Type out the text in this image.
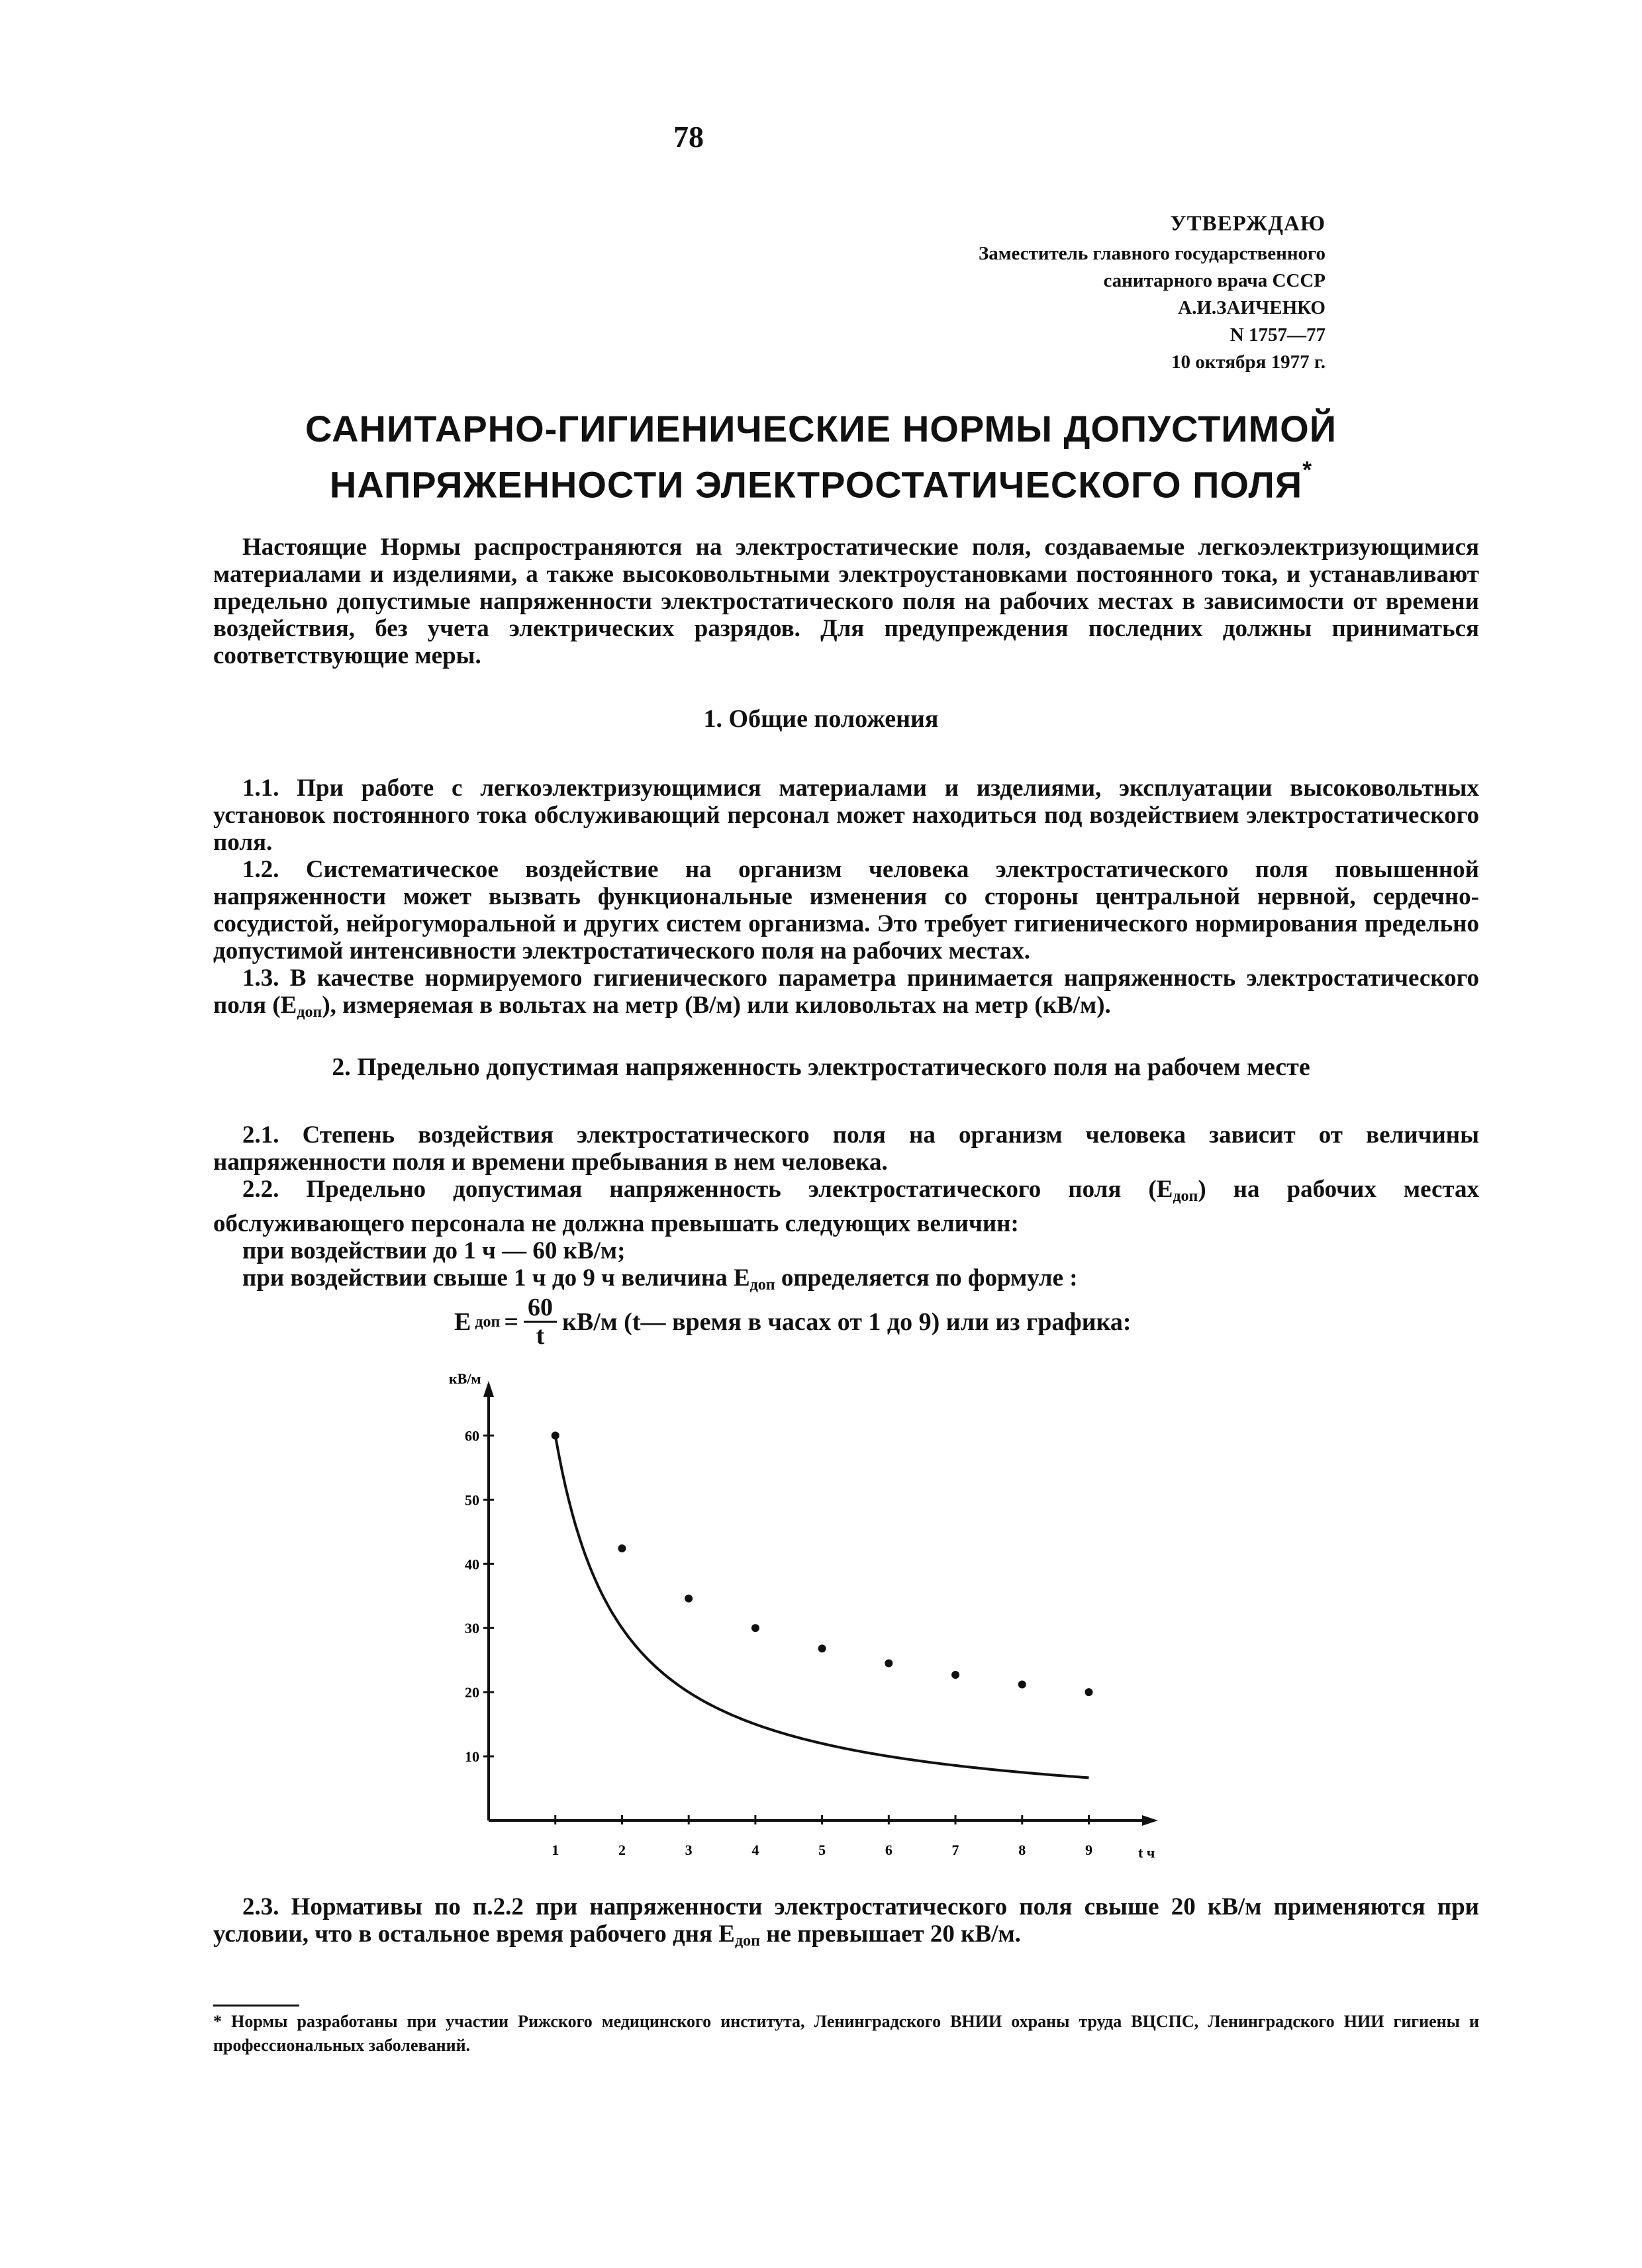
78
УТВЕРЖДАЮ
Заместитель главного государственного
санитарного врача СССР
А.И.ЗАИЧЕНКО
N 1757—77
10 октября 1977 г.
САНИТАРНО-ГИГИЕНИЧЕСКИЕ НОРМЫ ДОПУСТИМОЙ
НАПРЯЖЕННОСТИ ЭЛЕКТРОСТАТИЧЕСКОГО ПОЛЯ*

Настоящие Нормы распространяются на электростатические поля, создаваемые легкоэлектризующимися материалами и изделиями, а также высоковольтными электроустановками постоянного тока, и устанавливают предельно допустимые напряженности электростатического поля на рабочих местах в зависимости от времени воздействия, без учета электрических разрядов. Для предупреждения последних должны приниматься соответствующие меры.

1. Общие положения

1.1. При работе с легкоэлектризующимися материалами и изделиями, эксплуатации высоковольтных установок постоянного тока обслуживающий персонал может находиться под воздействием электростатического поля.

1.2. Систематическое воздействие на организм человека электростатического поля повышенной напряженности может вызвать функциональные изменения со стороны центральной нервной, сердечно-сосудистой, нейрогуморальной и других систем организма. Это требует гигиенического нормирования предельно допустимой интенсивности электростатического поля на рабочих местах.

1.3. В качестве нормируемого гигиенического параметра принимается напряженность электростатического поля $(Е_{доп})$, измеряемая в вольтах на метр (В/м) или киловольтах на метр (кВ/м).

2. Предельно допустимая напряженность электростатического поля на рабочем месте

2.1. Степень воздействия электростатического поля на организм человека зависит от величины напряженности поля и времени пребывания в нем человека.

2.2. Предельно допустимая напряженность электростатического поля $(Е_{доп})$ на рабочих местах обслуживающего персонала не должна превышать следующих величин:

при воздействии до 1 ч — 60 кВ/м;

при воздействии свыше 1 ч до 9 ч величина $Е_{доп}$ определяется по формуле :

Е доп = $\frac{60}{t} кВ/м$ (t— время в часах от 1 до 9) или из графика:
10
20
30
40
50
60
1	2	3	4	5	6	7	8	9
кВ/м
t ч

2.3. Нормативы по п.2.2 при напряженности электростатического поля свыше 20 кВ/м применяются при условии, что в остальное время рабочего дня $Е_{доп}$ не превышает 20 кВ/м.

* Нормы разработаны при участии Рижского медицинского института, Ленинградского ВНИИ охраны труда ВЦСПС, Ленинградского НИИ гигиены и профессиональных заболеваний.
